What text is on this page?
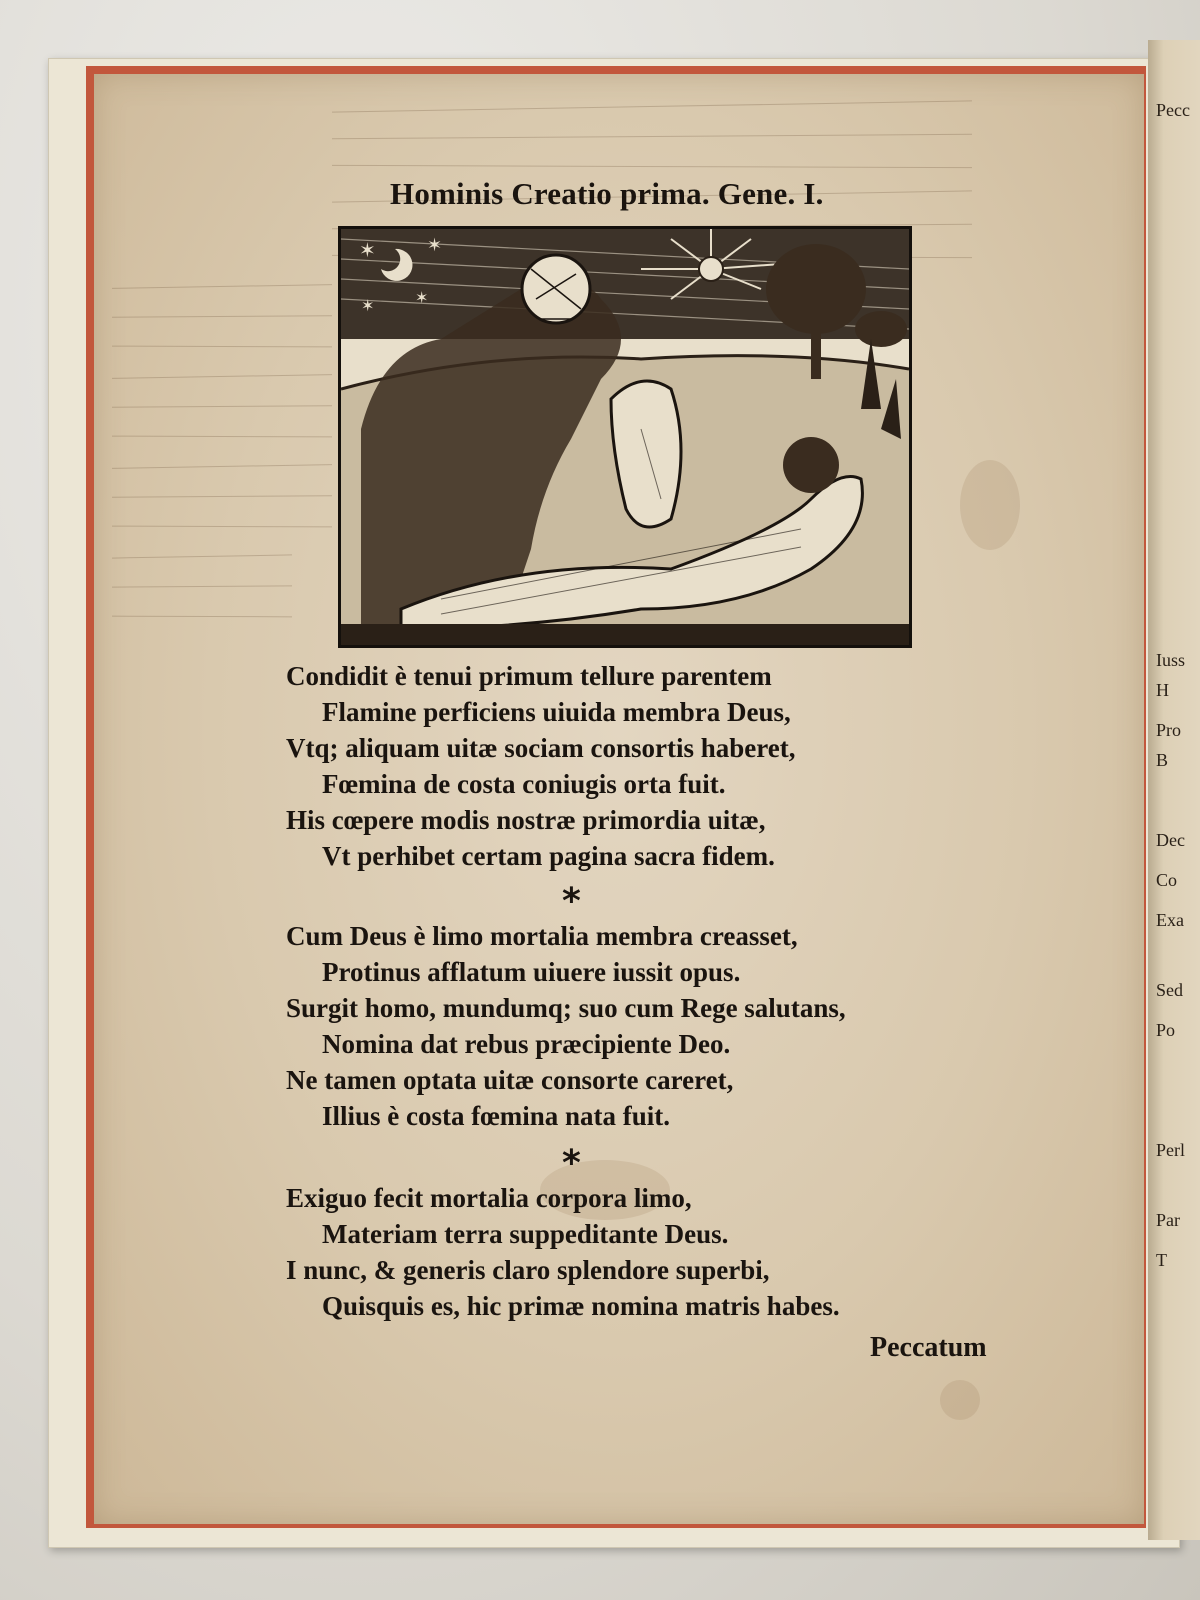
Pecc
Iuss
H
Pro
B
Dec
Co
Exa
Sed
Po
Perl
Par
T
Hominis Creatio prima. Gene. I.
✶	✶
✶	✶
Condidit è tenui primum tellure parentem
Flamine perficiens uiuida membra Deus,
Vtq; aliquam uitæ sociam consortis haberet,
Fœmina de costa coniugis orta fuit.
His cœpere modis nostræ primordia uitæ,
Vt perhibet certam pagina sacra fidem.
*
Cum Deus è limo mortalia membra creasset,
Protinus afflatum uiuere iussit opus.
Surgit homo, mundumq; suo cum Rege salutans,
Nomina dat rebus præcipiente Deo.
Ne tamen optata uitæ consorte careret,
Illius è costa fœmina nata fuit.
*
Exiguo fecit mortalia corpora limo,
Materiam terra suppeditante Deus.
I nunc, & generis claro splendore superbi,
Quisquis es, hic primæ nomina matris habes.
Peccatum
